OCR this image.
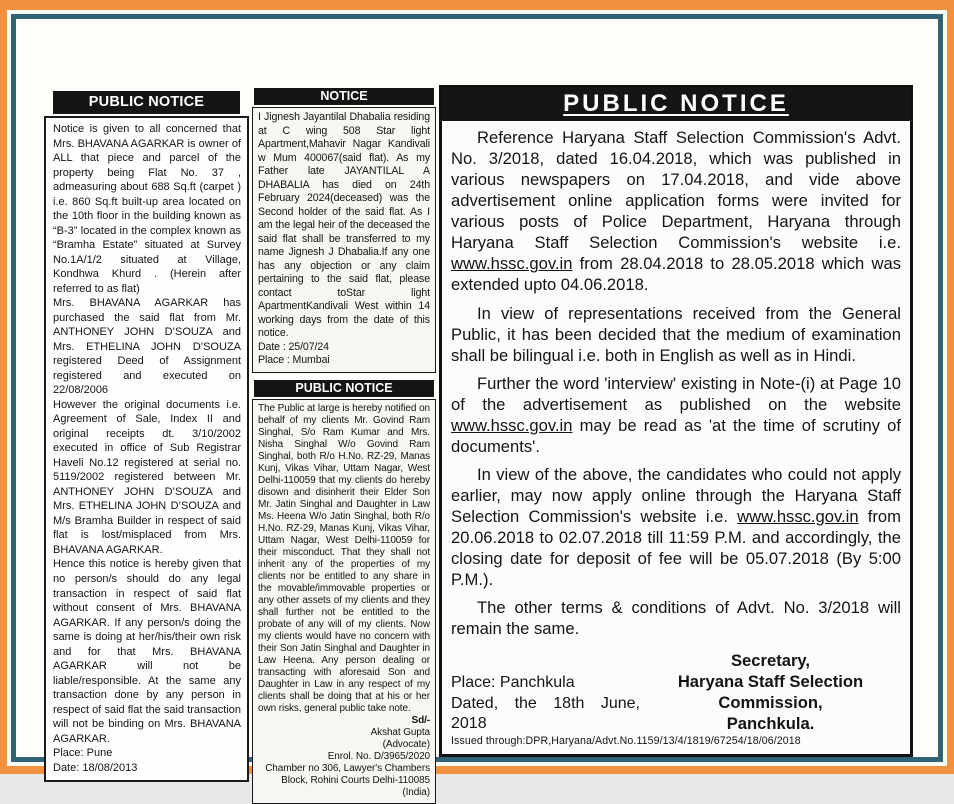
PUBLIC NOTICE

Notice is given to all concerned that Mrs. BHAVANA AGARKAR is owner of ALL that piece and parcel of the property being Flat No. 37 , admeasuring about 688 Sq.ft (carpet ) i.e. 860 Sq.ft built-up area located on the 10th floor in the building known as “B-3” located in the complex known as “Bramha Estate” situated at Survey No.1A/1/2 situated at Village, Kondhwa Khurd . (Herein after referred to as flat)

Mrs. BHAVANA AGARKAR has purchased the said flat from Mr. ANTHONEY JOHN D’SOUZA and Mrs. ETHELINA JOHN D’SOUZA registered Deed of Assignment registered and executed on 22/08/2006

However the original documents i.e. Agreement of Sale, Index II and original receipts dt. 3/10/2002 executed in office of Sub Registrar Haveli No.12 registered at serial no. 5119/2002 registered between Mr. ANTHONEY JOHN D’SOUZA and Mrs. ETHELINA JOHN D’SOUZA and M/s Bramha Builder in respect of said flat is lost/misplaced from Mrs. BHAVANA AGARKAR.

Hence this notice is hereby given that no person/s should do any legal transaction in respect of said flat without consent of Mrs. BHAVANA AGARKAR. If any person/s doing the same is doing at her/his/their own risk and for that Mrs. BHAVANA AGARKAR will not be liable/responsible. At the same any transaction done by any person in respect of said flat the said transaction will not be binding on Mrs. BHAVANA AGARKAR.

Place: Pune

Date: 18/08/2013

NOTICE

I Jignesh Jayantilal Dhabalia residing at C wing 508 Star light Apartment,Mahavir Nagar Kandivali w Mum 400067(said flat). As my Father late JAYANTILAL A DHABALIA has died on 24th February 2024(deceased) was the Second holder of the said flat. As I am the legal heir of the deceased the said flat shall be transferred to my name Jignesh J Dhabalia.If any one has any objection or any claim pertaining to the said flat, please contact toStar light ApartmentKandivali West within 14 working days from the date of this notice.

Date : 25/07/24

Place : Mumbai

PUBLIC NOTICE

The Public at large is hereby notified on behalf of my clients Mr. Govind Ram Singhal, S/o Ram Kumar and Mrs. Nisha Singhal W/o Govind Ram Singhal, both R/o H.No. RZ-29, Manas Kunj, Vikas Vihar, Uttam Nagar, West Delhi-110059 that my clients do hereby disown and disinherit their Elder Son Mr. Jatin Singhal and Daughter in Law Ms. Heena W/o Jatin Singhal, both R/o H.No. RZ-29, Manas Kunj, Vikas Vihar, Uttam Nagar, West Delhi-110059 for their misconduct. That they shall not inherit any of the properties of my clients nor be entitled to any share in the movable/immovable properties or any other assets of my clients and they shall further not be entitled to the probate of any will of my clients. Now my clients would have no concern with their Son Jatin Singhal and Daughter in Law Heena. Any person dealing or transacting with aforesaid Son and Daughter in Law in any respect of my clients shall be doing that at his or her own risks, general public take note.

Sd/-
Akshat Gupta
(Advocate)
Enrol. No. D/3965/2020
Chamber no 306, Lawyer's Chambers
Block, Rohini Courts Delhi-110085 (India)
PUBLIC NOTICE

Reference Haryana Staff Selection Commission's Advt. No. 3/2018, dated 16.04.2018, which was published in various newspapers on 17.04.2018, and vide above advertisement online application forms were invited for various posts of Police Department, Haryana through Haryana Staff Selection Commission's website i.e. www.hssc.gov.in from 28.04.2018 to 28.05.2018 which was extended upto 04.06.2018.

In view of representations received from the General Public, it has been decided that the medium of examination shall be bilingual i.e. both in English as well as in Hindi.

Further the word 'interview' existing in Note-(i) at Page 10 of the advertisement as published on the website www.hssc.gov.in may be read as 'at the time of scrutiny of documents'.

In view of the above, the candidates who could not apply earlier, may now apply online through the Haryana Staff Selection Commission's website i.e. www.hssc.gov.in from 20.06.2018 to 02.07.2018 till 11:59 P.M. and accordingly, the closing date for deposit of fee will be 05.07.2018 (By 5:00 P.M.).

The other terms & conditions of Advt. No. 3/2018 will remain the same.

Place: Panchkula
Dated, the 18th June, 2018
Secretary,
Haryana Staff Selection Commission,
Panchkula.
Issued through:DPR,Haryana/Advt.No.1159/13/4/1819/67254/18/06/2018
